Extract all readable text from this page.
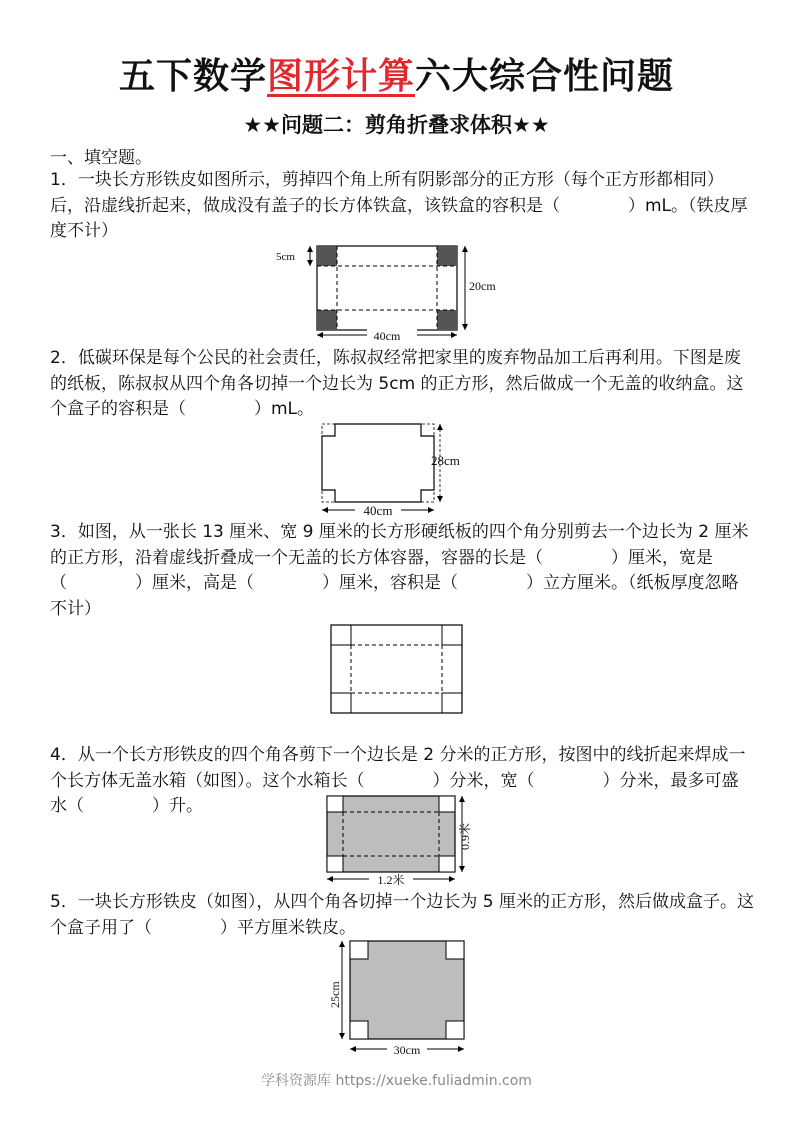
五下数学图形计算六大综合性问题
★★问题二：剪角折叠求体积★★
一、填空题。
1．一块长方形铁皮如图所示，剪掉四个角上所有阴影部分的正方形（每个正方形都相同）后，沿虚线折起来，做成没有盖子的长方体铁盒，该铁盒的容积是（　　　　）mL。（铁皮厚度不计）
5cm
20cm
40cm
2．低碳环保是每个公民的社会责任，陈叔叔经常把家里的废弃物品加工后再利用。下图是废的纸板，陈叔叔从四个角各切掉一个边长为 5cm 的正方形，然后做成一个无盖的收纳盒。这个盒子的容积是（　　　　）mL。
28cm
40cm
3．如图，从一张长 13 厘米、宽 9 厘米的长方形硬纸板的四个角分别剪去一个边长为 2 厘米的正方形，沿着虚线折叠成一个无盖的长方体容器，容器的长是（　　　　）厘米，宽是（　　　　）厘米，高是（　　　　）厘米，容积是（　　　　）立方厘米。（纸板厚度忽略不计）
4．从一个长方形铁皮的四个角各剪下一个边长是 2 分米的正方形，按图中的线折起来焊成一个长方体无盖水箱（如图）。这个水箱长（　　　　）分米，宽（　　　　）分米，最多可盛水（　　　　）升。
0.9米
1.2米
5．一块长方形铁皮（如图），从四个角各切掉一个边长为 5 厘米的正方形，然后做成盒子。这个盒子用了（　　　　）平方厘米铁皮。
25cm
30cm
学科资源库 https://xueke.fuliadmin.com
